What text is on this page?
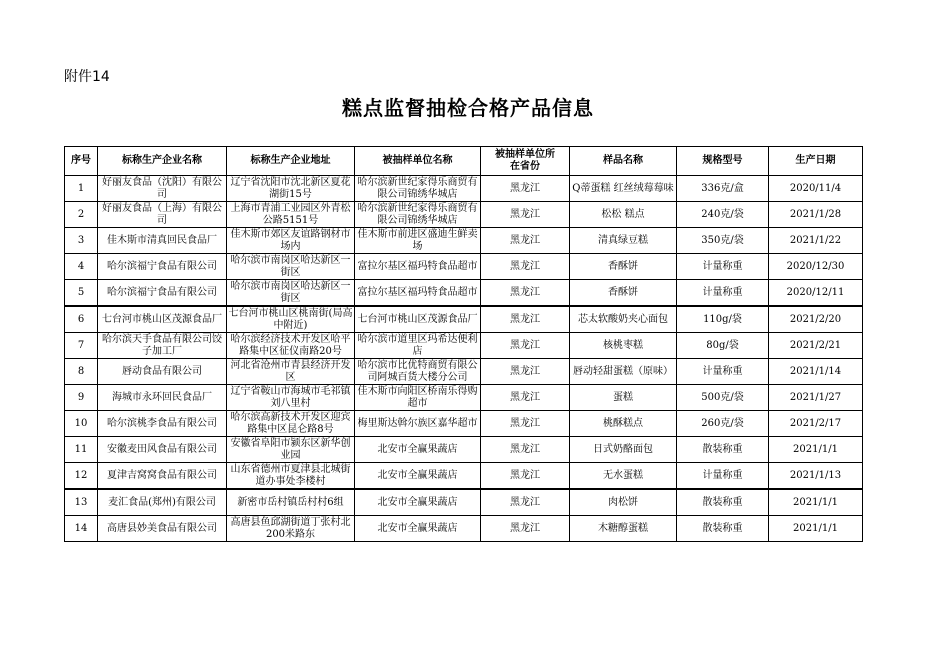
附件14
糕点监督抽检合格产品信息
序号	标称生产企业名称	标称生产企业地址	被抽样单位名称	被抽样单位所在省份	样品名称	规格型号	生产日期
1	好丽友食品（沈阳）有限公司	辽宁省沈阳市沈北新区夏花湖街15号	哈尔滨新世纪家得乐商贸有限公司锦绣华城店	黑龙江	Q蒂蛋糕 红丝绒莓莓味	336克/盒	2020/11/4
2	好丽友食品（上海）有限公司	上海市青浦工业园区外青松公路5151号	哈尔滨新世纪家得乐商贸有限公司锦绣华城店	黑龙江	松松 糕点	240克/袋	2021/1/28
3	佳木斯市清真回民食品厂	佳木斯市郊区友谊路钢材市场内	佳木斯市前进区盛迪生鲜卖场	黑龙江	清真绿豆糕	350克/袋	2021/1/22
4	哈尔滨福宁食品有限公司	哈尔滨市南岗区哈达新区一街区	富拉尔基区福玛特食品超市	黑龙江	香酥饼	计量称重	2020/12/30
5	哈尔滨福宁食品有限公司	哈尔滨市南岗区哈达新区一街区	富拉尔基区福玛特食品超市	黑龙江	香酥饼	计量称重	2020/12/11
6	七台河市桃山区茂源食品厂	七台河市桃山区桃南街(局高中附近)	七台河市桃山区茂源食品厂	黑龙江	芯太软酸奶夹心面包	110g/袋	2021/2/20
7	哈尔滨天手食品有限公司饺子加工厂	哈尔滨经济技术开发区哈平路集中区征仪南路20号	哈尔滨市道里区玛希达便利店	黑龙江	核桃枣糕	80g/袋	2021/2/21
8	唇动食品有限公司	河北省沧州市青县经济开发区	哈尔滨市比优特商贸有限公司阿城百货大楼分公司	黑龙江	唇动轻甜蛋糕（原味）	计量称重	2021/1/14
9	海城市永环回民食品厂	辽宁省鞍山市海城市毛祁镇刘八里村	佳木斯市向阳区桥南乐得购超市	黑龙江	蛋糕	500克/袋	2021/1/27
10	哈尔滨桃李食品有限公司	哈尔滨高新技术开发区迎宾路集中区昆仑路8号	梅里斯达斡尔族区嘉华超市	黑龙江	桃酥糕点	260克/袋	2021/2/17
11	安徽麦田风食品有限公司	安徽省阜阳市颍东区新华创业园	北安市全赢果蔬店	黑龙江	日式奶酪面包	散装称重	2021/1/1
12	夏津吉窝窝食品有限公司	山东省德州市夏津县北城街道办事处李楼村	北安市全赢果蔬店	黑龙江	无水蛋糕	计量称重	2021/1/13
13	麦汇食品(郑州)有限公司	新密市岳村镇岳村村6组	北安市全赢果蔬店	黑龙江	肉松饼	散装称重	2021/1/1
14	高唐县妙美食品有限公司	高唐县鱼邱湖街道丁张村北200米路东	北安市全赢果蔬店	黑龙江	木糖醇蛋糕	散装称重	2021/1/1
